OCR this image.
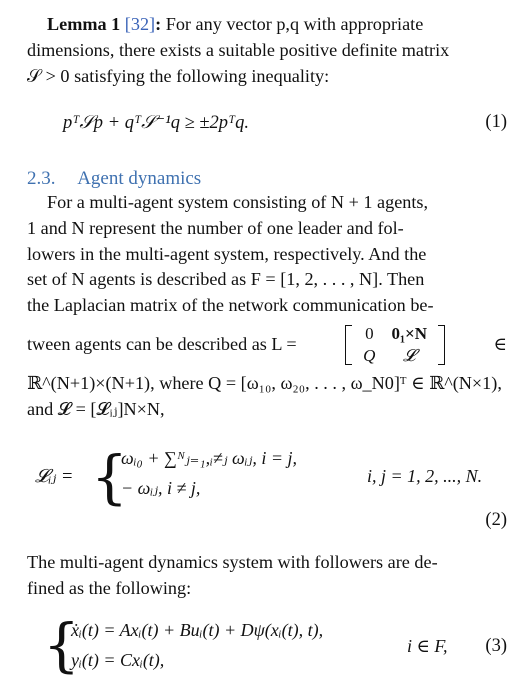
Lemma 1 [32]: For any vector p,q with appropriate

dimensions, there exists a suitable positive definite matrix

𝒮 > 0 satisfying the following inequality:

pᵀ𝒮p + qᵀ𝒮⁻¹q ≥ ±2pᵀq.	(1)
2.3. Agent dynamics

For a multi-agent system consisting of N + 1 agents,

1 and N represent the number of one leader and fol-

lowers in the multi-agent system, respectively. And the

set of N agents is described as F = [1, 2, . . . , N]. Then

the Laplacian matrix of the network communication be-

tween agents can be described as L =
0	0₁×N
Q	𝓛
∈

ℝ^(N+1)×(N+1), where Q = [ω₁₀, ω₂₀, . . . , ω_N0]ᵀ ∈ ℝ^(N×1),

and 𝓛 = [𝓛ᵢⱼ]N×N,

𝓛ᵢⱼ = {
ωᵢ₀ + ∑ᴺⱼ₌₁,ᵢ≠ⱼ ωᵢⱼ, i = j,
− ωᵢⱼ, i ≠ j,
i, j = 1, 2, ..., N.
(2)

The multi-agent dynamics system with followers are de-

fined as the following:

{
ẋᵢ(t) = Axᵢ(t) + Buᵢ(t) + Dψ(xᵢ(t), t),
yᵢ(t) = Cxᵢ(t),
i ∈ F, (3)
